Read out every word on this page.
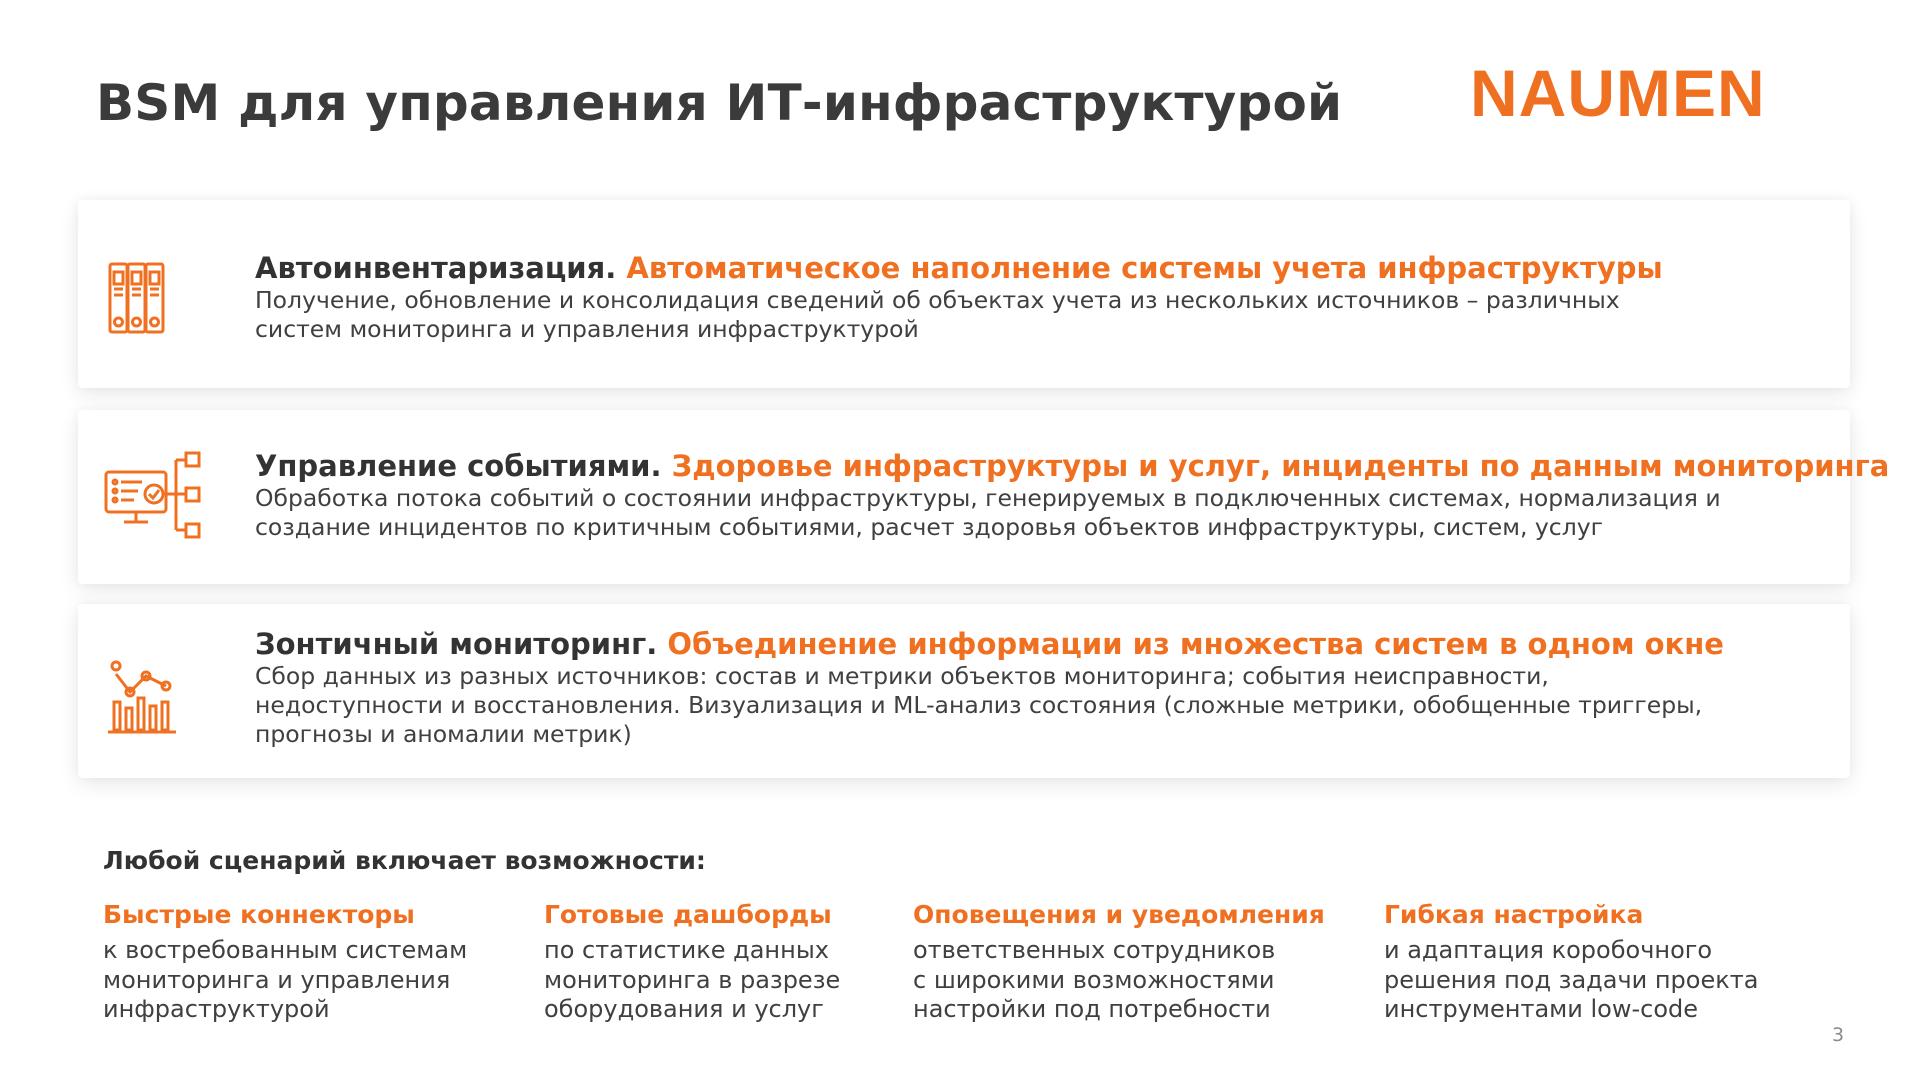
BSM для управления ИТ-инфраструктурой NAUMEN
Автоинвентаризация. Автоматическое наполнение системы учета инфраструктуры
Получение, обновление и консолидация сведений об объектах учета из нескольких источников – различных
систем мониторинга и управления инфраструктурой
Управление событиями. Здоровье инфраструктуры и услуг, инциденты по данным мониторинга
Обработка потока событий о состоянии инфраструктуры, генерируемых в подключенных системах, нормализация и
создание инцидентов по критичным событиями, расчет здоровья объектов инфраструктуры, систем, услуг
Зонтичный мониторинг. Объединение информации из множества систем в одном окне
Сбор данных из разных источников: состав и метрики объектов мониторинга; события неисправности,
недоступности и восстановления. Визуализация и ML-анализ состояния (сложные метрики, обобщенные триггеры,
прогнозы и аномалии метрик)
Любой сценарий включает возможности:
Быстрые коннекторы
к востребованным системам
мониторинга и управления
инфраструктурой
Готовые дашборды
по статистике данных
мониторинга в разрезе
оборудования и услуг
Оповещения и уведомления
ответственных сотрудников
с широкими возможностями
настройки под потребности
Гибкая настройка
и адаптация коробочного
решения под задачи проекта
инструментами low-code
3
